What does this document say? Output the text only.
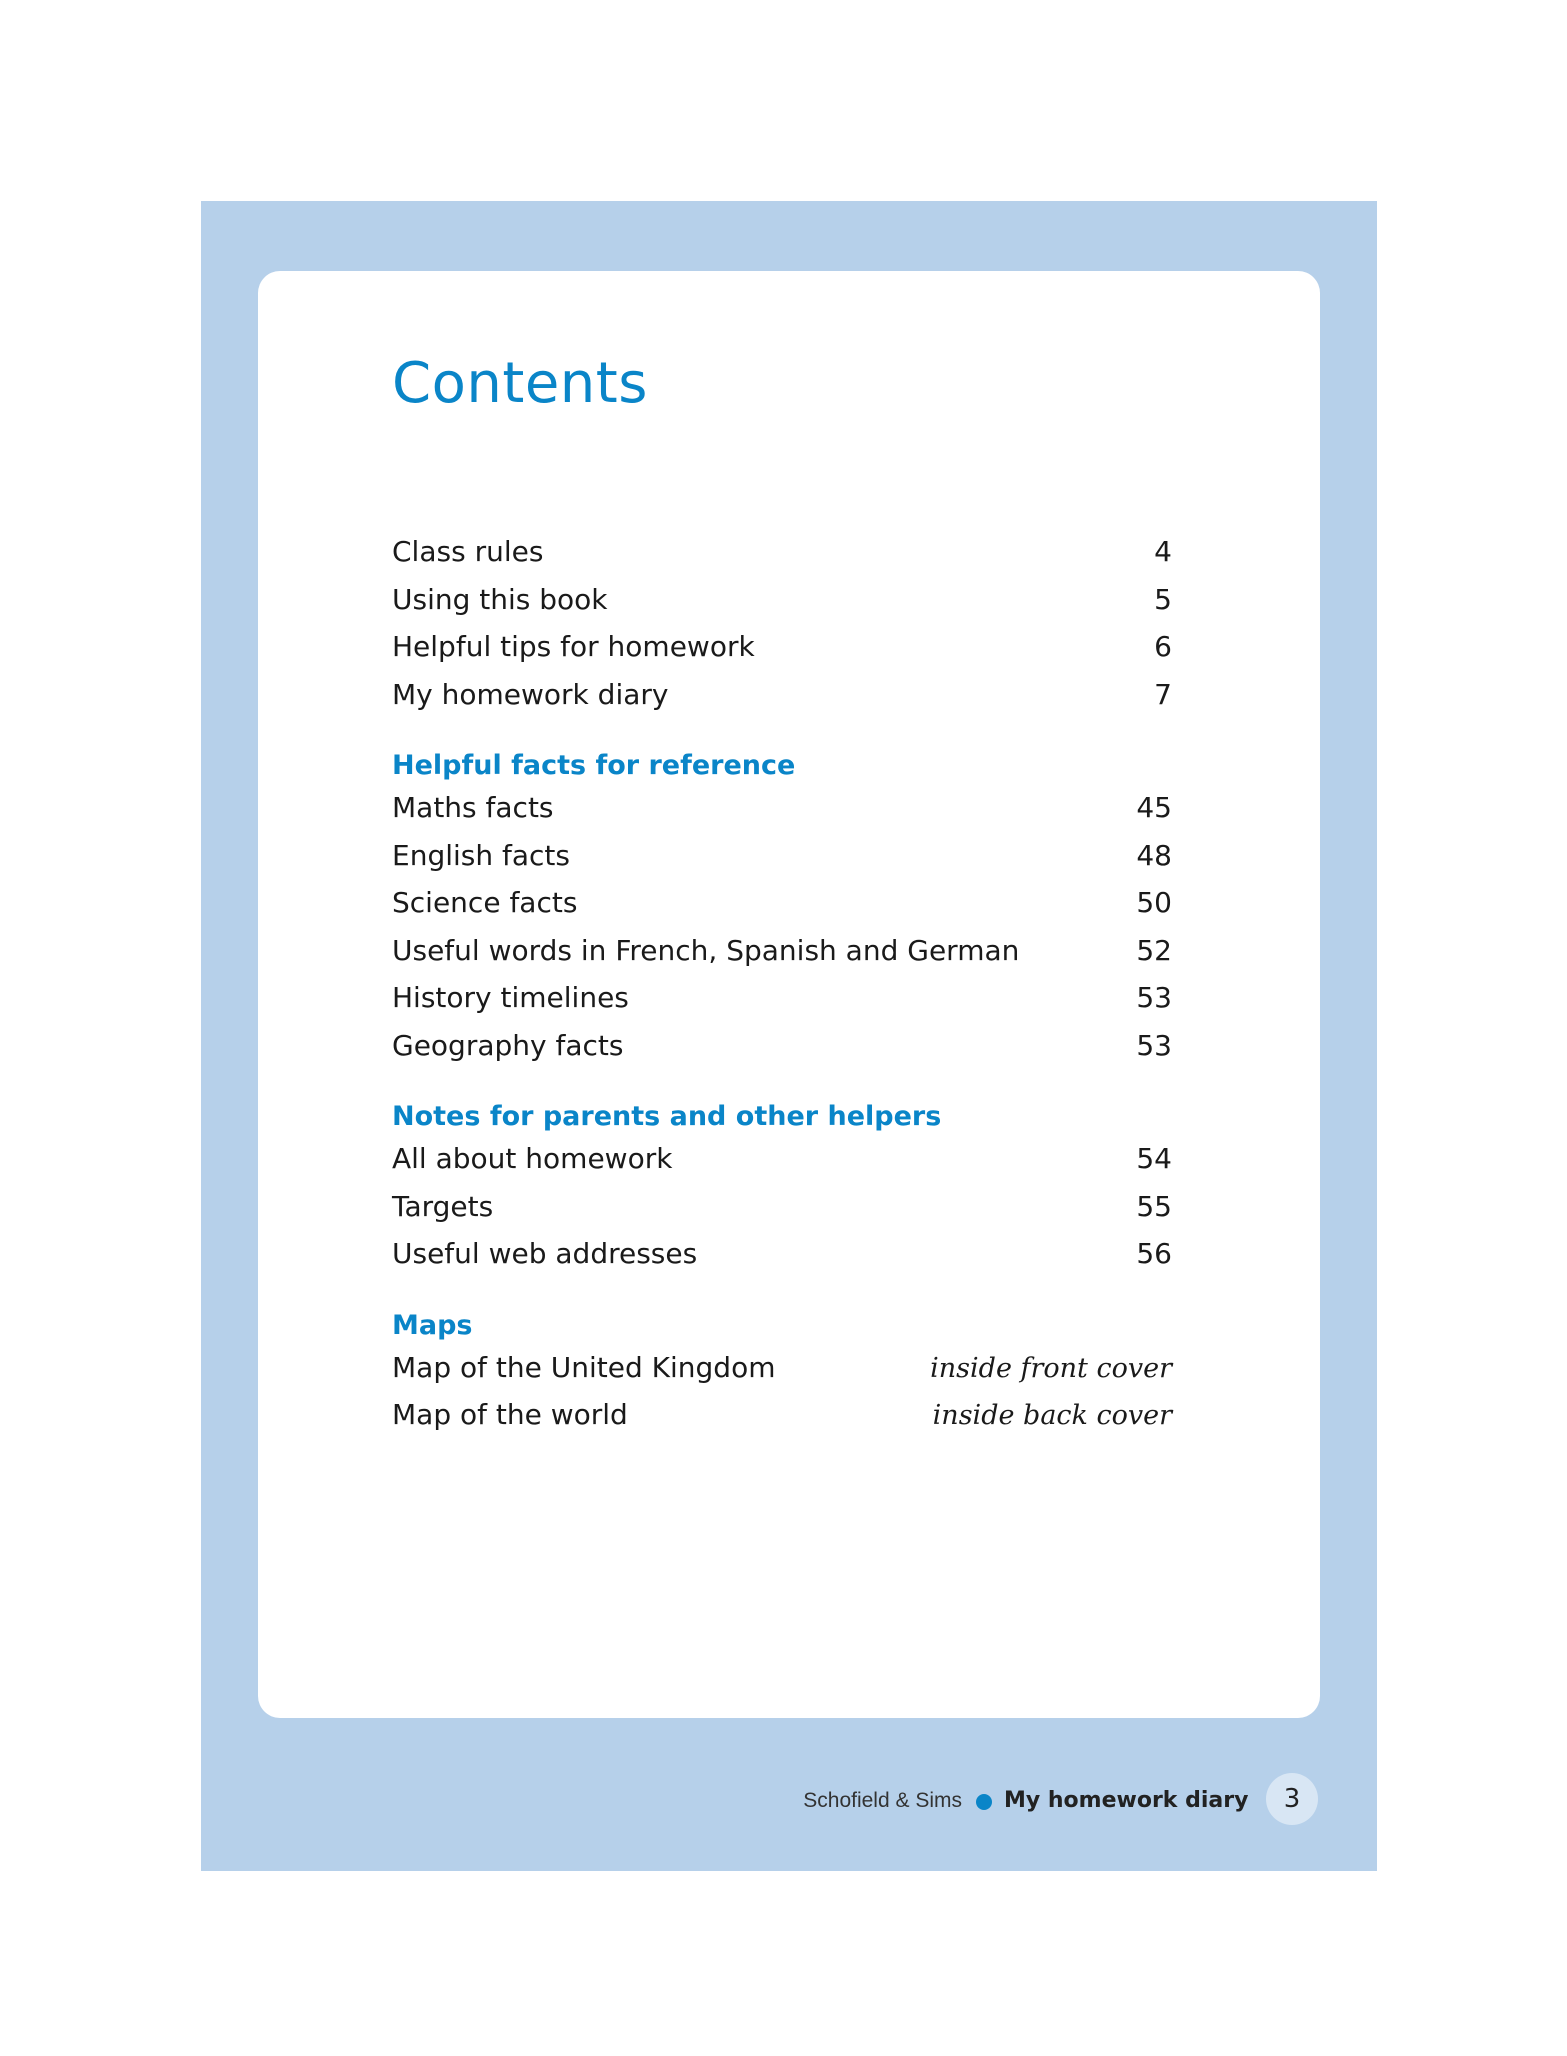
Contents
Class rules	4
Using this book	5
Helpful tips for homework	6
My homework diary	7
Helpful facts for reference
Maths facts	45
English facts	48
Science facts	50
Useful words in French, Spanish and German	52
History timelines	53
Geography facts	53
Notes for parents and other helpers
All about homework	54
Targets	55
Useful web addresses	56
Maps
Map of the United Kingdom	inside front cover
Map of the world	inside back cover
Schofield & Sims My homework diary	3
